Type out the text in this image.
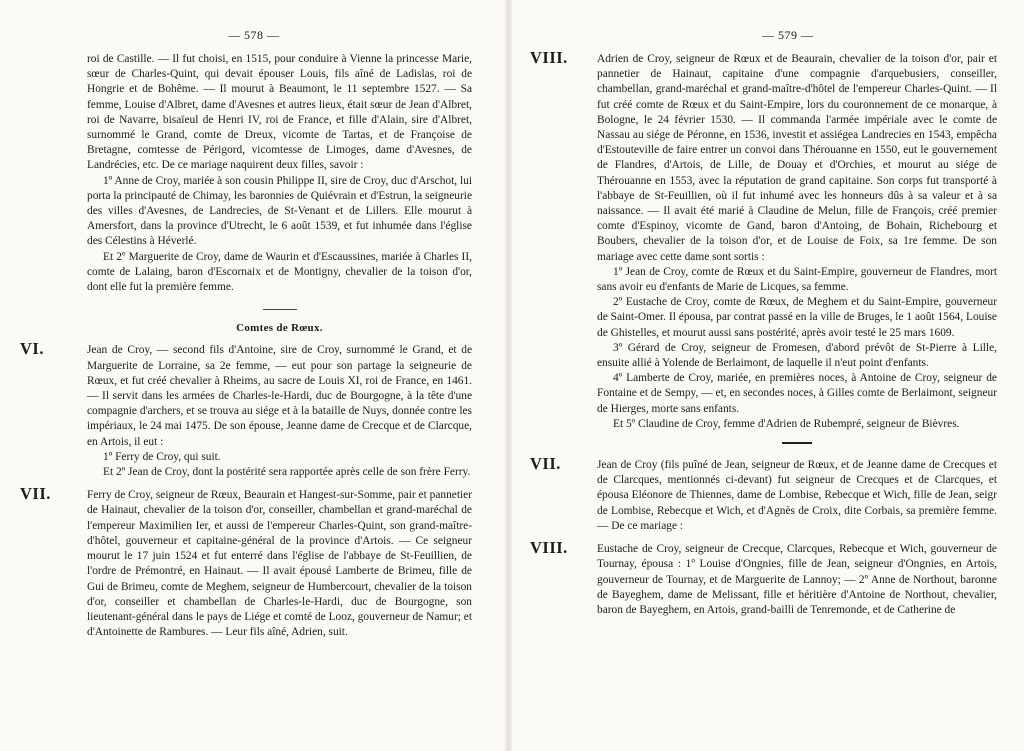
— 578 —

roi de Castille. — Il fut choisi, en 1515, pour conduire à Vienne la princesse Marie, sœur de Charles-Quint, qui devait épouser Louis, fils aîné de Ladislas, roi de Hongrie et de Bohême. — Il mourut à Beaumont, le 11 septembre 1527. — Sa femme, Louise d'Albret, dame d'Avesnes et autres lieux, était sœur de Jean d'Albret, roi de Navarre, bisaïeul de Henri IV, roi de France, et fille d'Alain, sire d'Albret, surnommé le Grand, comte de Dreux, vicomte de Tartas, et de Françoise de Bretagne, comtesse de Périgord, vicomtesse de Limoges, dame d'Avesnes, de Landrécies, etc. De ce mariage naquirent deux filles, savoir :

1º Anne de Croy, mariée à son cousin Philippe II, sire de Croy, duc d'Arschot, lui porta la principauté de Chimay, les baronnies de Quiévrain et d'Estrun, la seigneurie des villes d'Avesnes, de Landrecies, de St-Venant et de Lillers. Elle mourut à Amersfort, dans la province d'Utrecht, le 6 août 1539, et fut inhumée dans l'église des Célestins à Héverlé.

Et 2º Marguerite de Croy, dame de Waurin et d'Escaussines, mariée à Charles II, comte de Lalaing, baron d'Escornaix et de Montigny, chevalier de la toison d'or, dont elle fut la première femme.

Comtes de Rœux.
VI.	Jean de Croy, — second fils d'Antoine, sire de Croy, surnommé le Grand, et de Marguerite de Lorraine, sa 2e femme, — eut pour son partage la seigneurie de Rœux, et fut créé chevalier à Rheims, au sacre de Louis XI, roi de France, en 1461. — Il servit dans les armées de Charles-le-Hardi, duc de Bourgogne, à la tête d'une compagnie d'archers, et se trouva au siége et à la bataille de Nuys, donnée contre les impériaux, le 24 mai 1475. De son épouse, Jeanne dame de Crecque et de Clarcque, en Artois, il eut :

1º Ferry de Croy, qui suit.

Et 2º Jean de Croy, dont la postérité sera rapportée après celle de son frère Ferry.

VII.	Ferry de Croy, seigneur de Rœux, Beaurain et Hangest-sur-Somme, pair et pannetier de Hainaut, chevalier de la toison d'or, conseiller, chambellan et grand-maréchal de l'empereur Maximilien Ier, et aussi de l'empereur Charles-Quint, son grand-maître-d'hôtel, gouverneur et capitaine-général de la province d'Artois. — Ce seigneur mourut le 17 juin 1524 et fut enterré dans l'église de l'abbaye de St-Feuillien, de l'ordre de Prémontré, en Hainaut. — Il avait épousé Lamberte de Brimeu, fille de Gui de Brimeu, comte de Meghem, seigneur de Humbercourt, chevalier de la toison d'or, conseiller et chambellan de Charles-le-Hardi, duc de Bourgogne, son lieutenant-général dans le pays de Liége et comté de Looz, gouverneur de Namur; et d'Antoinette de Rambures. — Leur fils aîné, Adrien, suit.

— 579 —
VIII.	Adrien de Croy, seigneur de Rœux et de Beaurain, chevalier de la toison d'or, pair et pannetier de Hainaut, capitaine d'une compagnie d'arquebusiers, conseiller, chambellan, grand-maréchal et grand-maître-d'hôtel de l'empereur Charles-Quint. — Il fut créé comte de Rœux et du Saint-Empire, lors du couronnement de ce monarque, à Bologne, le 24 février 1530. — Il commanda l'armée impériale avec le comte de Nassau au siége de Péronne, en 1536, investit et assiégea Landrecies en 1543, empêcha d'Estouteville de faire entrer un convoi dans Thérouanne en 1550, eut le gouvernement de Flandres, d'Artois, de Lille, de Douay et d'Orchies, et mourut au siége de Thérouanne en 1553, avec la réputation de grand capitaine. Son corps fut transporté à l'abbaye de St-Feuillien, où il fut inhumé avec les honneurs dûs à sa valeur et à sa naissance. — Il avait été marié à Claudine de Melun, fille de François, créé premier comte d'Espinoy, vicomte de Gand, baron d'Antoing, de Bohain, Richebourg et Boubers, chevalier de la toison d'or, et de Louise de Foix, sa 1re femme. De son mariage avec cette dame sont sortis :

1º Jean de Croy, comte de Rœux et du Saint-Empire, gouverneur de Flandres, mort sans avoir eu d'enfants de Marie de Licques, sa femme.

2º Eustache de Croy, comte de Rœux, de Meghem et du Saint-Empire, gouverneur de Saint-Omer. Il épousa, par contrat passé en la ville de Bruges, le 1 août 1564, Louise de Ghistelles, et mourut aussi sans postérité, après avoir testé le 25 mars 1609.

3º Gérard de Croy, seigneur de Fromesen, d'abord prévôt de St-Pierre à Lille, ensuite allié à Yolende de Berlaimont, de laquelle il n'eut point d'enfants.

4º Lamberte de Croy, mariée, en premières noces, à Antoine de Croy, seigneur de Fontaine et de Sempy, — et, en secondes noces, à Gilles comte de Berlaimont, seigneur de Hierges, morte sans enfants.

Et 5º Claudine de Croy, femme d'Adrien de Rubempré, seigneur de Bièvres.

VII.	Jean de Croy (fils puîné de Jean, seigneur de Rœux, et de Jeanne dame de Crecques et de Clarcques, mentionnés ci-devant) fut seigneur de Crecques et de Clarcques, et épousa Eléonore de Thiennes, dame de Lombise, Rebecque et Wich, fille de Jean, seigr de Lombise, Rebecque et Wich, et d'Agnès de Croix, dite Corbais, sa première femme. — De ce mariage :

VIII.	Eustache de Croy, seigneur de Crecque, Clarcques, Rebecque et Wich, gouverneur de Tournay, épousa : 1º Louise d'Ongnies, fille de Jean, seigneur d'Ongnies, en Artois, gouverneur de Tournay, et de Marguerite de Lannoy; — 2º Anne de Northout, baronne de Bayeghem, dame de Melissant, fille et héritière d'Antoine de Northout, chevalier, baron de Bayeghem, en Artois, grand-bailli de Tenremonde, et de Catherine de
